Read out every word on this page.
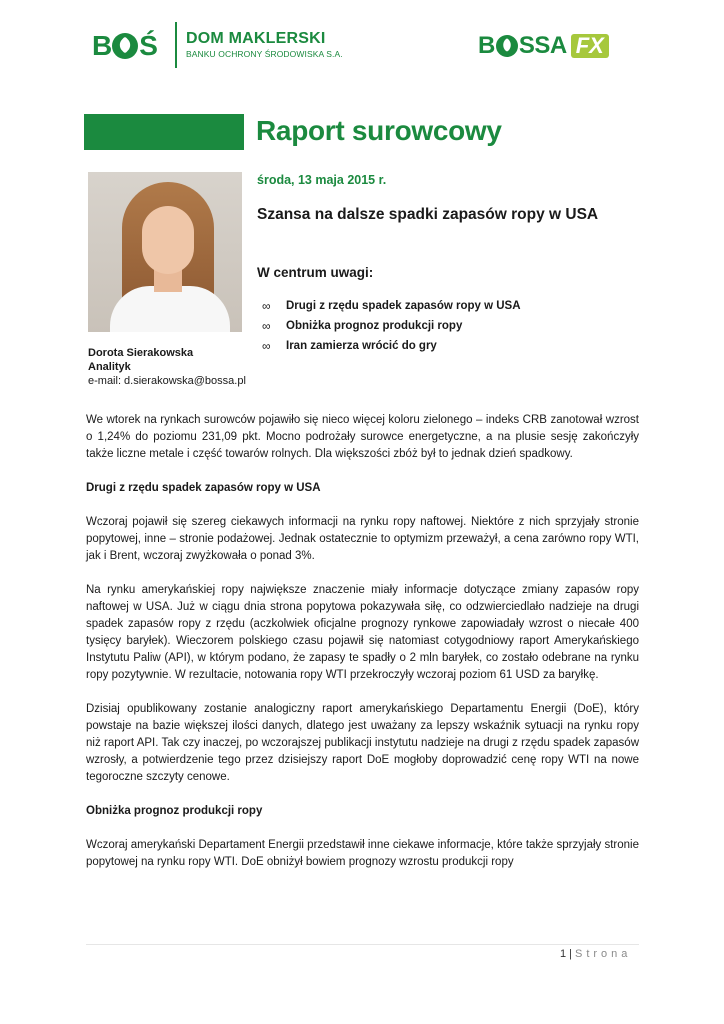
B Ś DOM MAKLERSKI
BANKU OCHRONY ŚRODOWISKA S.A.	B SSA FX
Raport surowcowy
Dorota Sierakowska
Analityk
e-mail: d.sierakowska@bossa.pl
środa, 13 maja 2015 r.
Szansa na dalsze spadki zapasów ropy w USA
W centrum uwagi:
∞	Drugi z rzędu spadek zapasów ropy w USA
∞	Obniżka prognoz produkcji ropy
∞	Iran zamierza wrócić do gry

We wtorek na rynkach surowców pojawiło się nieco więcej koloru zielonego – indeks CRB zanotował wzrost o 1,24% do poziomu 231,09 pkt. Mocno podrożały surowce energetyczne, a na plusie sesję zakończyły także liczne metale i część towarów rolnych. Dla większości zbóż był to jednak dzień spadkowy.

Drugi z rzędu spadek zapasów ropy w USA

Wczoraj pojawił się szereg ciekawych informacji na rynku ropy naftowej. Niektóre z nich sprzyjały stronie popytowej, inne – stronie podażowej. Jednak ostatecznie to optymizm przeważył, a cena zarówno ropy WTI, jak i Brent, wczoraj zwyżkowała o ponad 3%.

Na rynku amerykańskiej ropy największe znaczenie miały informacje dotyczące zmiany zapasów ropy naftowej w USA. Już w ciągu dnia strona popytowa pokazywała siłę, co odzwierciedlało nadzieje na drugi spadek zapasów ropy z rzędu (aczkolwiek oficjalne prognozy rynkowe zapowiadały wzrost o niecałe 400 tysięcy baryłek). Wieczorem polskiego czasu pojawił się natomiast cotygodniowy raport Amerykańskiego Instytutu Paliw (API), w którym podano, że zapasy te spadły o 2 mln baryłek, co zostało odebrane na rynku ropy pozytywnie. W rezultacie, notowania ropy WTI przekroczyły wczoraj poziom 61 USD za baryłkę.

Dzisiaj opublikowany zostanie analogiczny raport amerykańskiego Departamentu Energii (DoE), który powstaje na bazie większej ilości danych, dlatego jest uważany za lepszy wskaźnik sytuacji na rynku ropy niż raport API. Tak czy inaczej, po wczorajszej publikacji instytutu nadzieje na drugi z rzędu spadek zapasów wzrosły, a potwierdzenie tego przez dzisiejszy raport DoE mogłoby doprowadzić cenę ropy WTI na nowe tegoroczne szczyty cenowe.

Obniżka prognoz produkcji ropy

Wczoraj amerykański Departament Energii przedstawił inne ciekawe informacje, które także sprzyjały stronie popytowej na rynku ropy WTI. DoE obniżył bowiem prognozy wzrostu produkcji ropy

1 | Strona
